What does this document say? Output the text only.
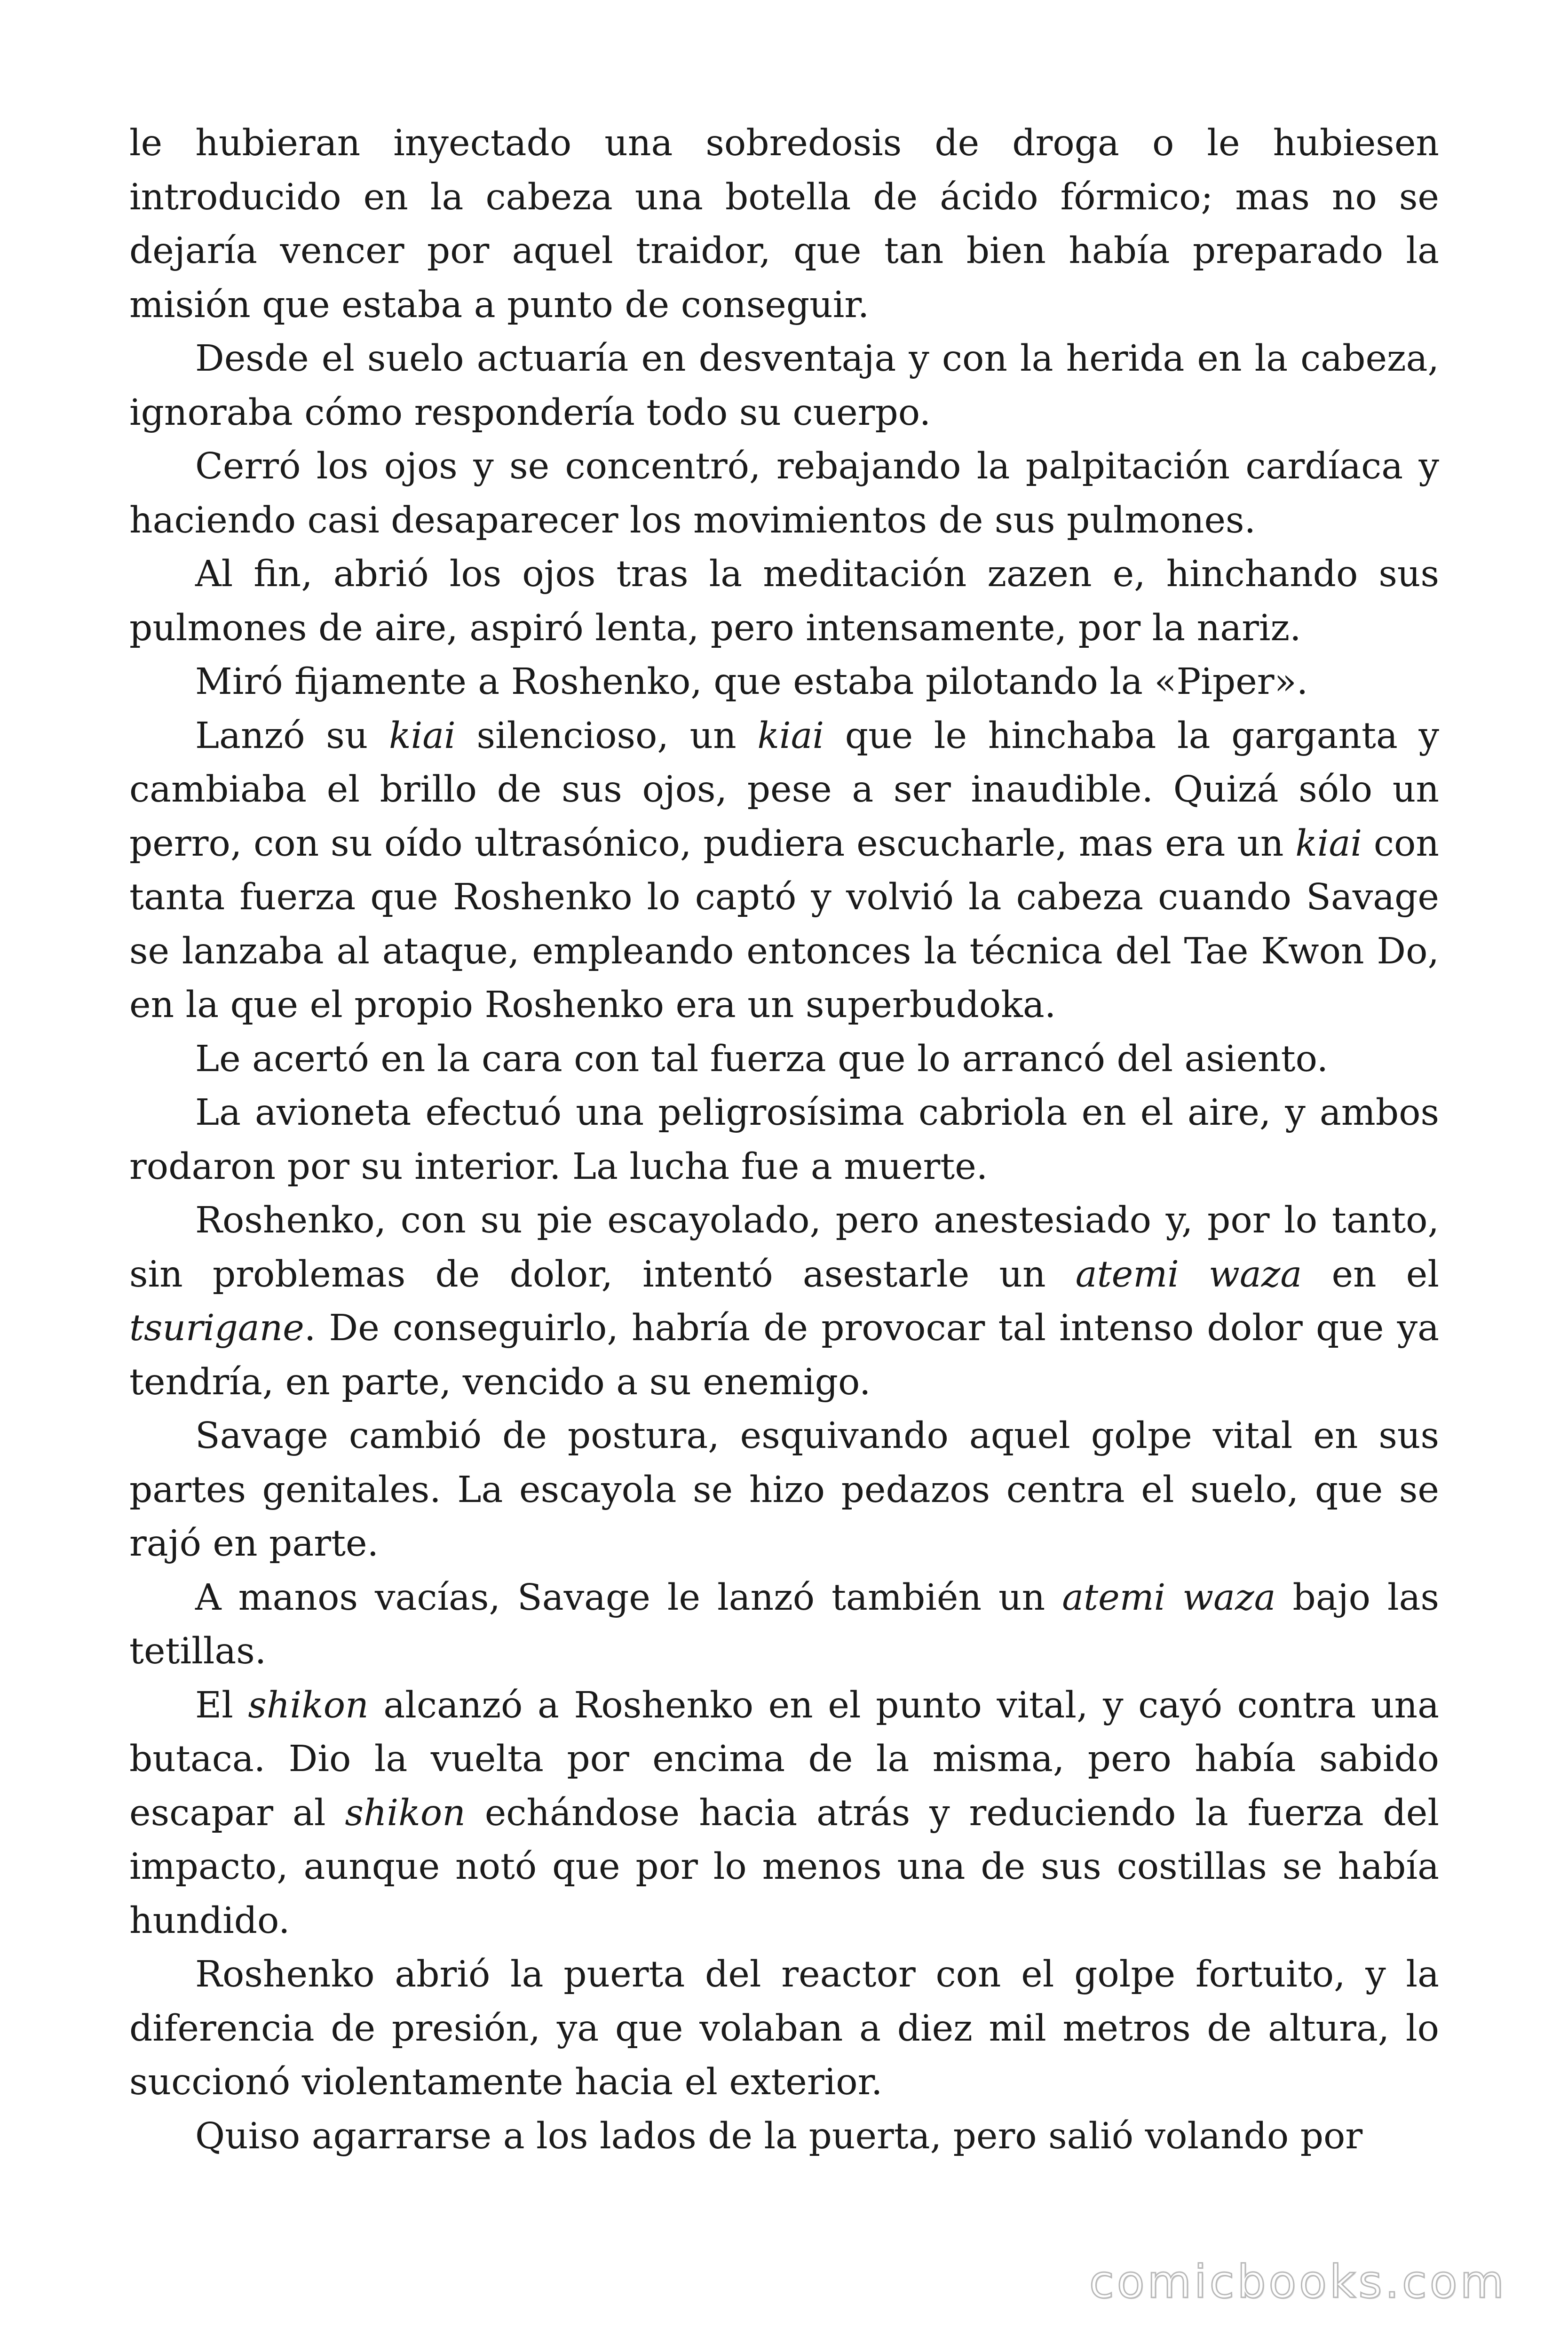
le hubieran inyectado una sobredosis de droga o le hubiesen introducido en la cabeza una botella de ácido fórmico; mas no se dejaría vencer por aquel traidor, que tan bien había preparado la misión que estaba a punto de conseguir.

Desde el suelo actuaría en desventaja y con la herida en la cabeza, ignoraba cómo respondería todo su cuerpo.

Cerró los ojos y se concentró, rebajando la palpitación cardíaca y haciendo casi desaparecer los movimientos de sus pulmones.

Al fin, abrió los ojos tras la meditación zazen e, hinchando sus pulmones de aire, aspiró lenta, pero intensamente, por la nariz.

Miró fijamente a Roshenko, que estaba pilotando la «Piper».

Lanzó su kiai silencioso, un kiai que le hinchaba la garganta y cambiaba el brillo de sus ojos, pese a ser inaudible. Quizá sólo un perro, con su oído ultrasónico, pudiera escucharle, mas era un kiai con tanta fuerza que Roshenko lo captó y volvió la cabeza cuando Savage se lanzaba al ataque, empleando entonces la técnica del Tae Kwon Do, en la que el propio Roshenko era un superbudoka.

Le acertó en la cara con tal fuerza que lo arrancó del asiento.

La avioneta efectuó una peligrosísima cabriola en el aire, y ambos rodaron por su interior. La lucha fue a muerte.

Roshenko, con su pie escayolado, pero anestesiado y, por lo tanto, sin problemas de dolor, intentó asestarle un atemi waza en el tsurigane. De conseguirlo, habría de provocar tal intenso dolor que ya tendría, en parte, vencido a su enemigo.

Savage cambió de postura, esquivando aquel golpe vital en sus partes genitales. La escayola se hizo pedazos centra el suelo, que se rajó en parte.

A manos vacías, Savage le lanzó también un atemi waza bajo las tetillas.

El shikon alcanzó a Roshenko en el punto vital, y cayó contra una butaca. Dio la vuelta por encima de la misma, pero había sabido escapar al shikon echándose hacia atrás y reduciendo la fuerza del impacto, aunque notó que por lo menos una de sus costillas se había hundido.

Roshenko abrió la puerta del reactor con el golpe fortuito, y la diferencia de presión, ya que volaban a diez mil metros de altura, lo succionó violentamente hacia el exterior.

Quiso agarrarse a los lados de la puerta, pero salió volando por

comicbooks.com
